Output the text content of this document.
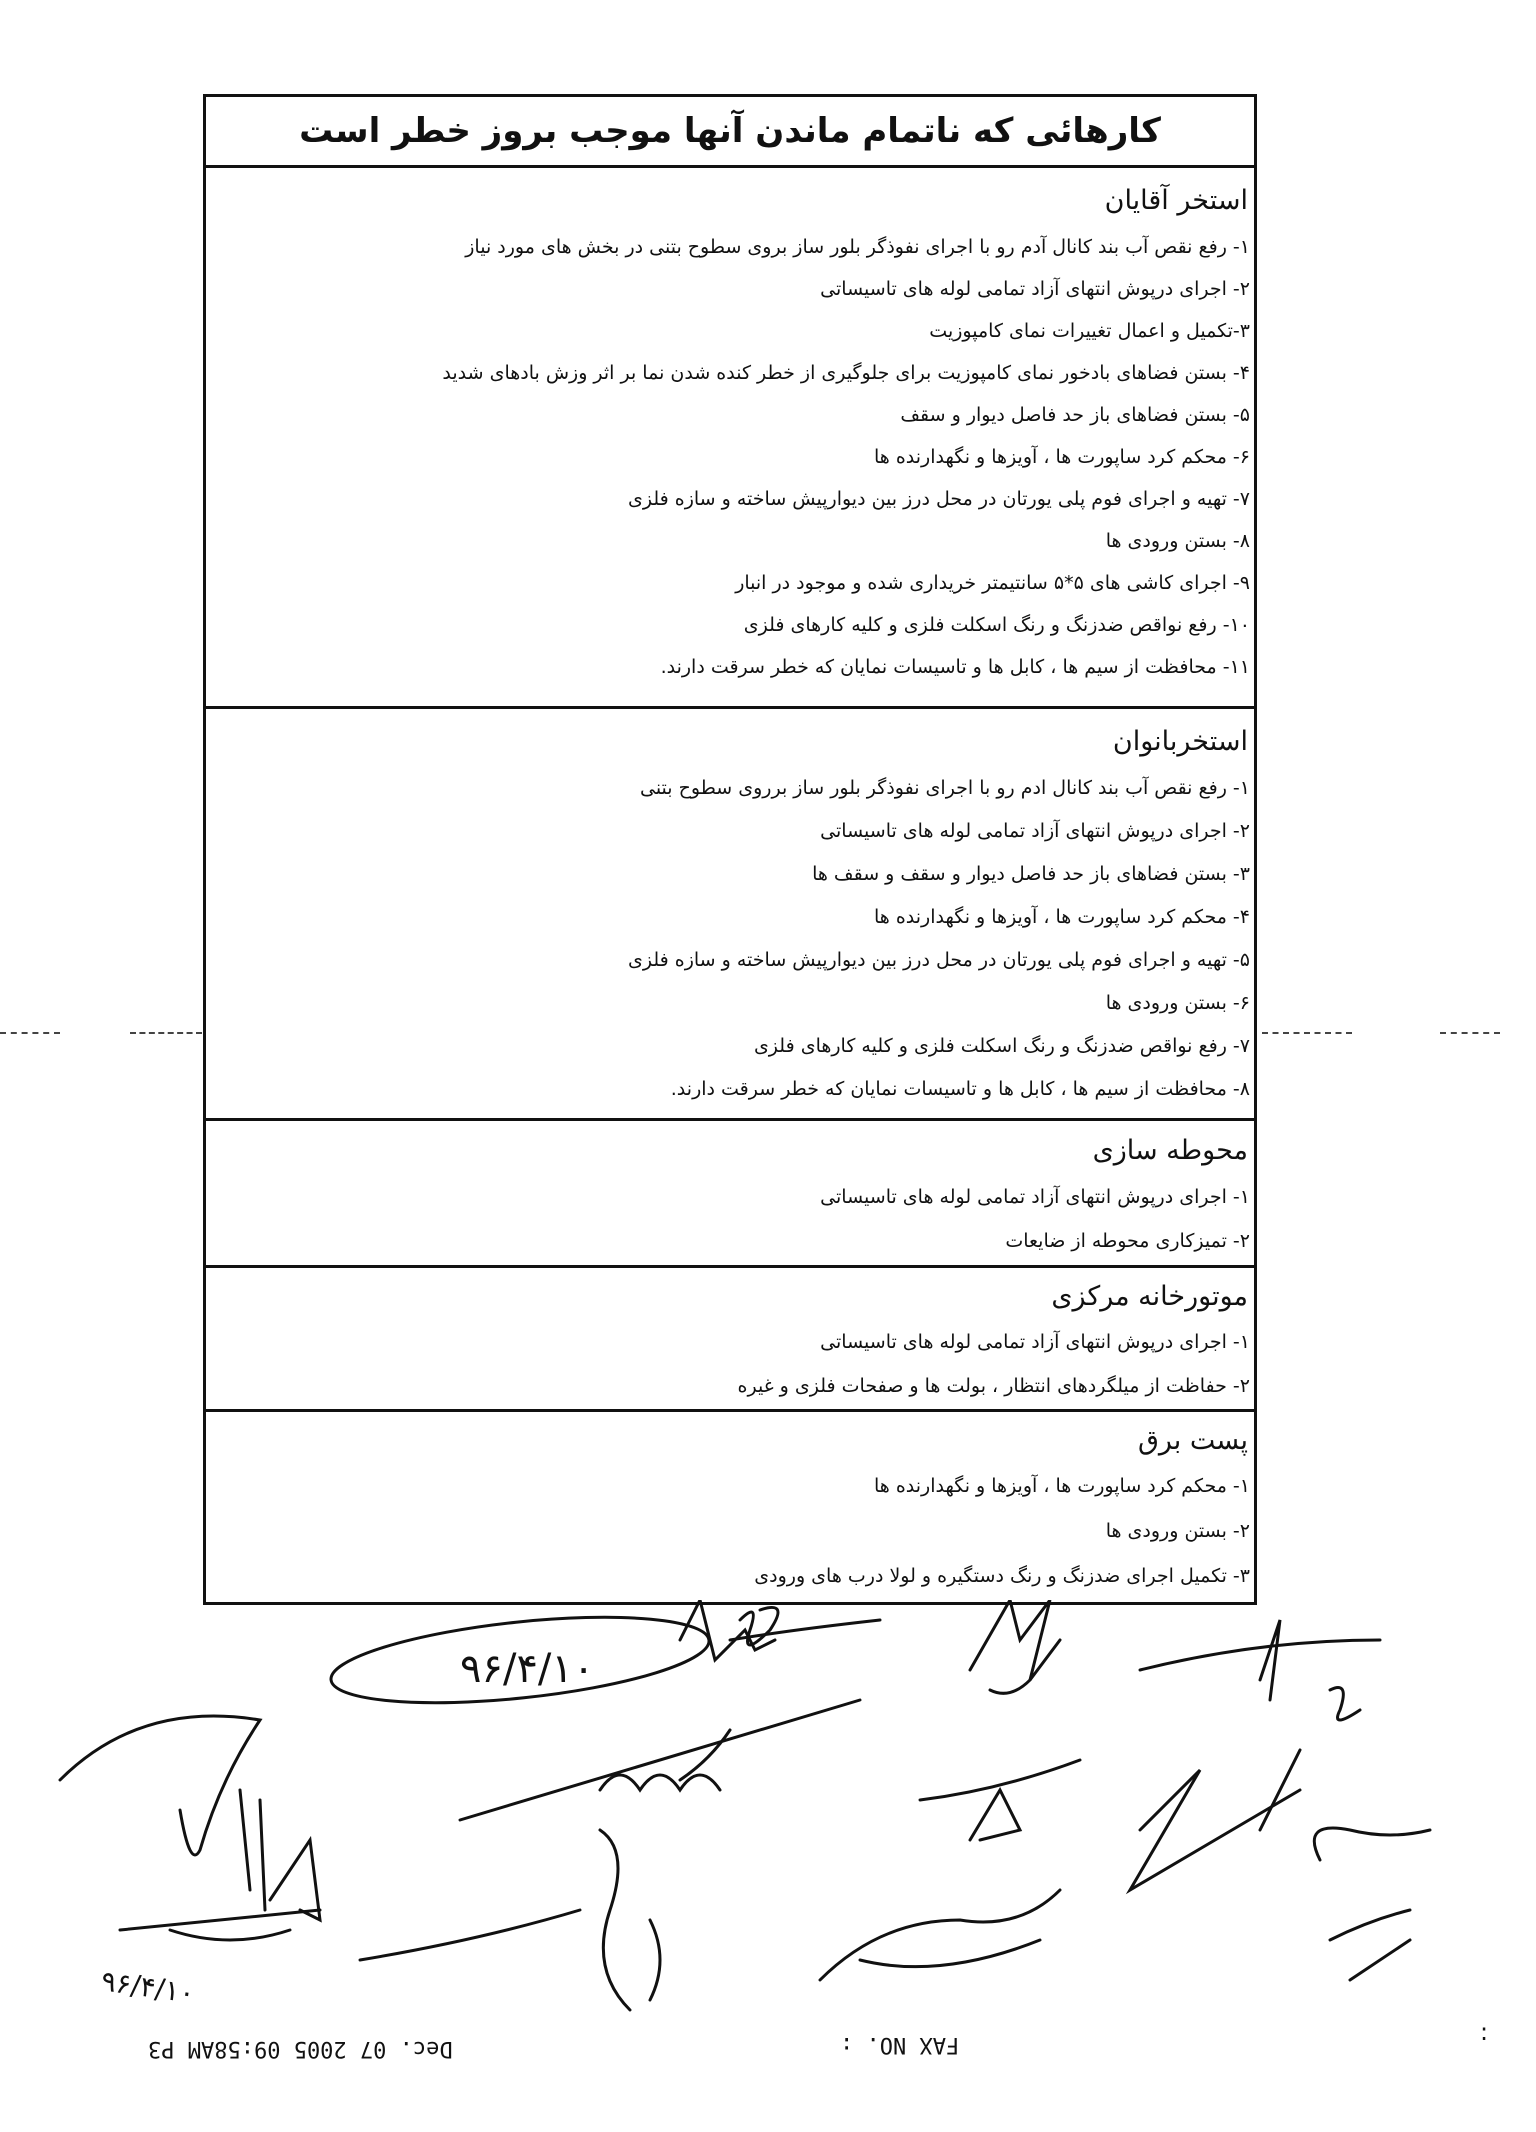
کارهائی که ناتمام ماندن آنها موجب بروز خطر است
استخر آقایان
۱- رفع نقص آب بند کانال آدم رو با اجرای نفوذگر بلور ساز بروی سطوح بتنی در بخش های مورد نیاز
۲- اجرای درپوش انتهای آزاد تمامی لوله های تاسیساتی
۳-تکمیل و اعمال تغییرات نمای کامپوزیت
۴- بستن فضاهای بادخور نمای کامپوزیت برای جلوگیری از خطر کنده شدن نما بر اثر وزش بادهای شدید
۵- بستن فضاهای باز حد فاصل دیوار و سقف
۶- محکم کرد ساپورت ها ، آویزها و نگهدارنده ها
۷- تهیه و اجرای فوم پلی یورتان در محل درز بین دیوارپیش ساخته و سازه فلزی
۸- بستن ورودی ها
۹- اجرای کاشی های ۵*۵ سانتیمتر خریداری شده و موجود در انبار
۱۰- رفع نواقص ضدزنگ و رنگ اسکلت فلزی و کلیه کارهای فلزی
۱۱- محافظت از سیم ها ، کابل ها و تاسیسات نمایان که خطر سرقت دارند.
استخربانوان
۱- رفع نقص آب بند کانال ادم رو با اجرای نفوذگر بلور ساز برروی سطوح بتنی
۲- اجرای درپوش انتهای آزاد تمامی لوله های تاسیساتی
۳- بستن فضاهای باز حد فاصل دیوار و سقف و سقف ها
۴- محکم کرد ساپورت ها ، آویزها و نگهدارنده ها
۵- تهیه و اجرای فوم پلی یورتان در محل درز بین دیوارپیش ساخته و سازه فلزی
۶- بستن ورودی ها
۷- رفع نواقص ضدزنگ و رنگ اسکلت فلزی و کلیه کارهای فلزی
۸- محافظت از سیم ها ، کابل ها و تاسیسات نمایان که خطر سرقت دارند.
محوطه سازی
۱- اجرای درپوش انتهای آزاد تمامی لوله های تاسیساتی
۲- تمیزکاری محوطه از ضایعات
موتورخانه مرکزی
۱- اجرای درپوش انتهای آزاد تمامی لوله های تاسیساتی
۲- حفاظت از میلگردهای انتظار ، بولت ها و صفحات فلزی و غیره
پست برق
۱- محکم کرد ساپورت ها ، آویزها و نگهدارنده ها
۲- بستن ورودی ها
۳- تکمیل اجرای ضدزنگ و رنگ دستگیره و لولا درب های ورودی
۹۶/۴/۱۰
۹۶/۴/۱۰
Dec. 07 2005 09:58AM P3	FAX NO. :	:
